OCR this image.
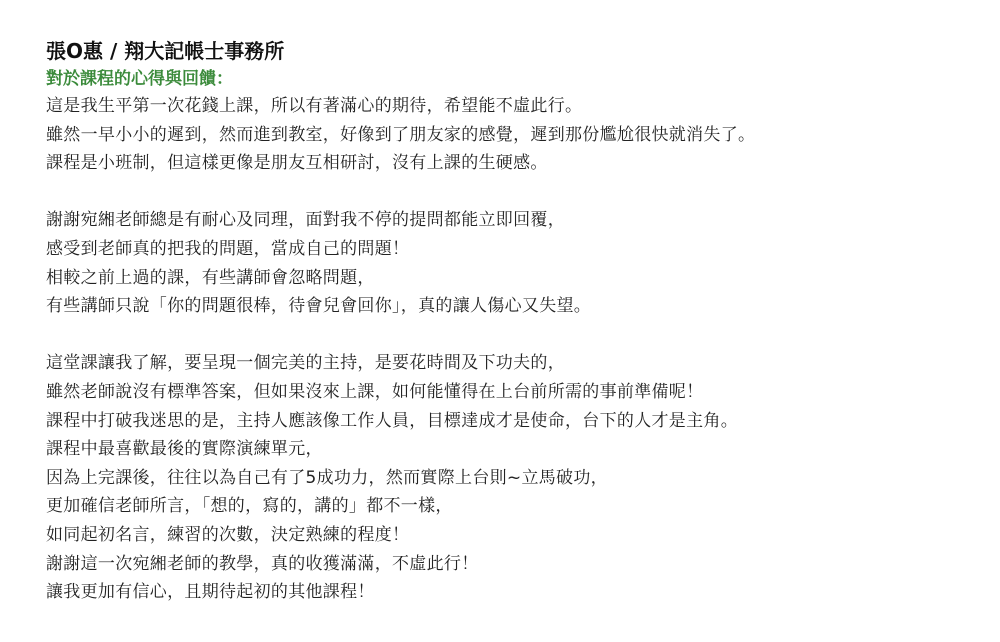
張O惠 / 翔大記帳士事務所
對於課程的心得與回饋：
這是我生平第一次花錢上課，所以有著滿心的期待，希望能不虛此行。
雖然一早小小的遲到，然而進到教室，好像到了朋友家的感覺，遲到那份尷尬很快就消失了。
課程是小班制，但這樣更像是朋友互相研討，沒有上課的生硬感。
謝謝宛緗老師總是有耐心及同理，面對我不停的提問都能立即回覆，
感受到老師真的把我的問題，當成自己的問題！
相較之前上過的課，有些講師會忽略問題，
有些講師只說「你的問題很棒，待會兒會回你」，真的讓人傷心又失望。
這堂課讓我了解，要呈現一個完美的主持，是要花時間及下功夫的，
雖然老師說沒有標準答案，但如果沒來上課，如何能懂得在上台前所需的事前準備呢！
課程中打破我迷思的是，主持人應該像工作人員，目標達成才是使命，台下的人才是主角。
課程中最喜歡最後的實際演練單元，
因為上完課後，往往以為自己有了5成功力，然而實際上台則~立馬破功，
更加確信老師所言，「想的，寫的，講的」都不一樣，
如同起初名言，練習的次數，決定熟練的程度！
謝謝這一次宛緗老師的教學，真的收獲滿滿，不虛此行！
讓我更加有信心，且期待起初的其他課程！
